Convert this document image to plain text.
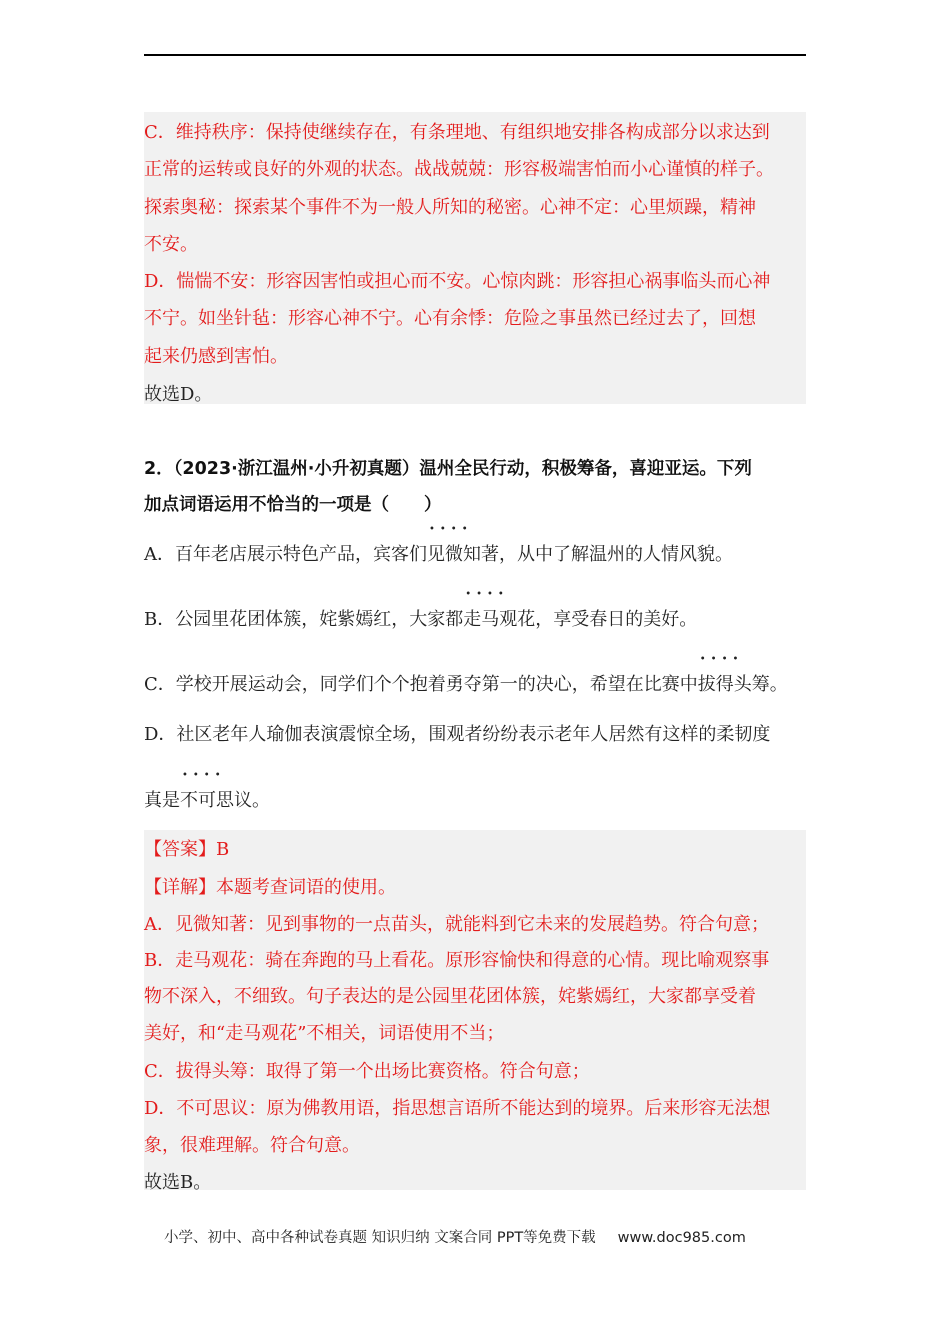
C．维持秩序：保持使继续存在，有条理地、有组织地安排各构成部分以求达到
正常的运转或良好的外观的状态。战战兢兢：形容极端害怕而小心谨慎的样子。
探索奥秘：探索某个事件不为一般人所知的秘密。心神不定：心里烦躁，精神
不安。
D．惴惴不安：形容因害怕或担心而不安。心惊肉跳：形容担心祸事临头而心神
不宁。如坐针毡：形容心神不宁。心有余悸：危险之事虽然已经过去了，回想
起来仍感到害怕。
故选D。
2．（2023·浙江温州·小升初真题）温州全民行动，积极筹备，喜迎亚运。下列
加点词语运用不恰当的一项是（　　）
A．百年老店展示特色产品，宾客们• • • • 见微知著，从中了解温州的人情风貌。
B．公园里花团体簇，姹紫嫣红，大家都• • • • 走马观花，享受春日的美好。
C．学校开展运动会，同学们个个抱着勇夺第一的决心，希望在比赛中• • • • 拔得头筹。
D．社区老年人瑜伽表演震惊全场，围观者纷纷表示老年人居然有这样的柔韧度
真是• • • • 不可思议。
【答案】B
【详解】本题考查词语的使用。
A．见微知著：见到事物的一点苗头，就能料到它未来的发展趋势。符合句意；
B．走马观花：骑在奔跑的马上看花。原形容愉快和得意的心情。现比喻观察事
物不深入，不细致。句子表达的是公园里花团体簇，姹紫嫣红，大家都享受着
美好，和“走马观花”不相关，词语使用不当；
C．拔得头筹：取得了第一个出场比赛资格。符合句意；
D．不可思议：原为佛教用语，指思想言语所不能达到的境界。后来形容无法想
象，很难理解。符合句意。
故选B。
小学、初中、高中各种试卷真题 知识归纳 文案合同 PPT等免费下载 www.doc985.com
